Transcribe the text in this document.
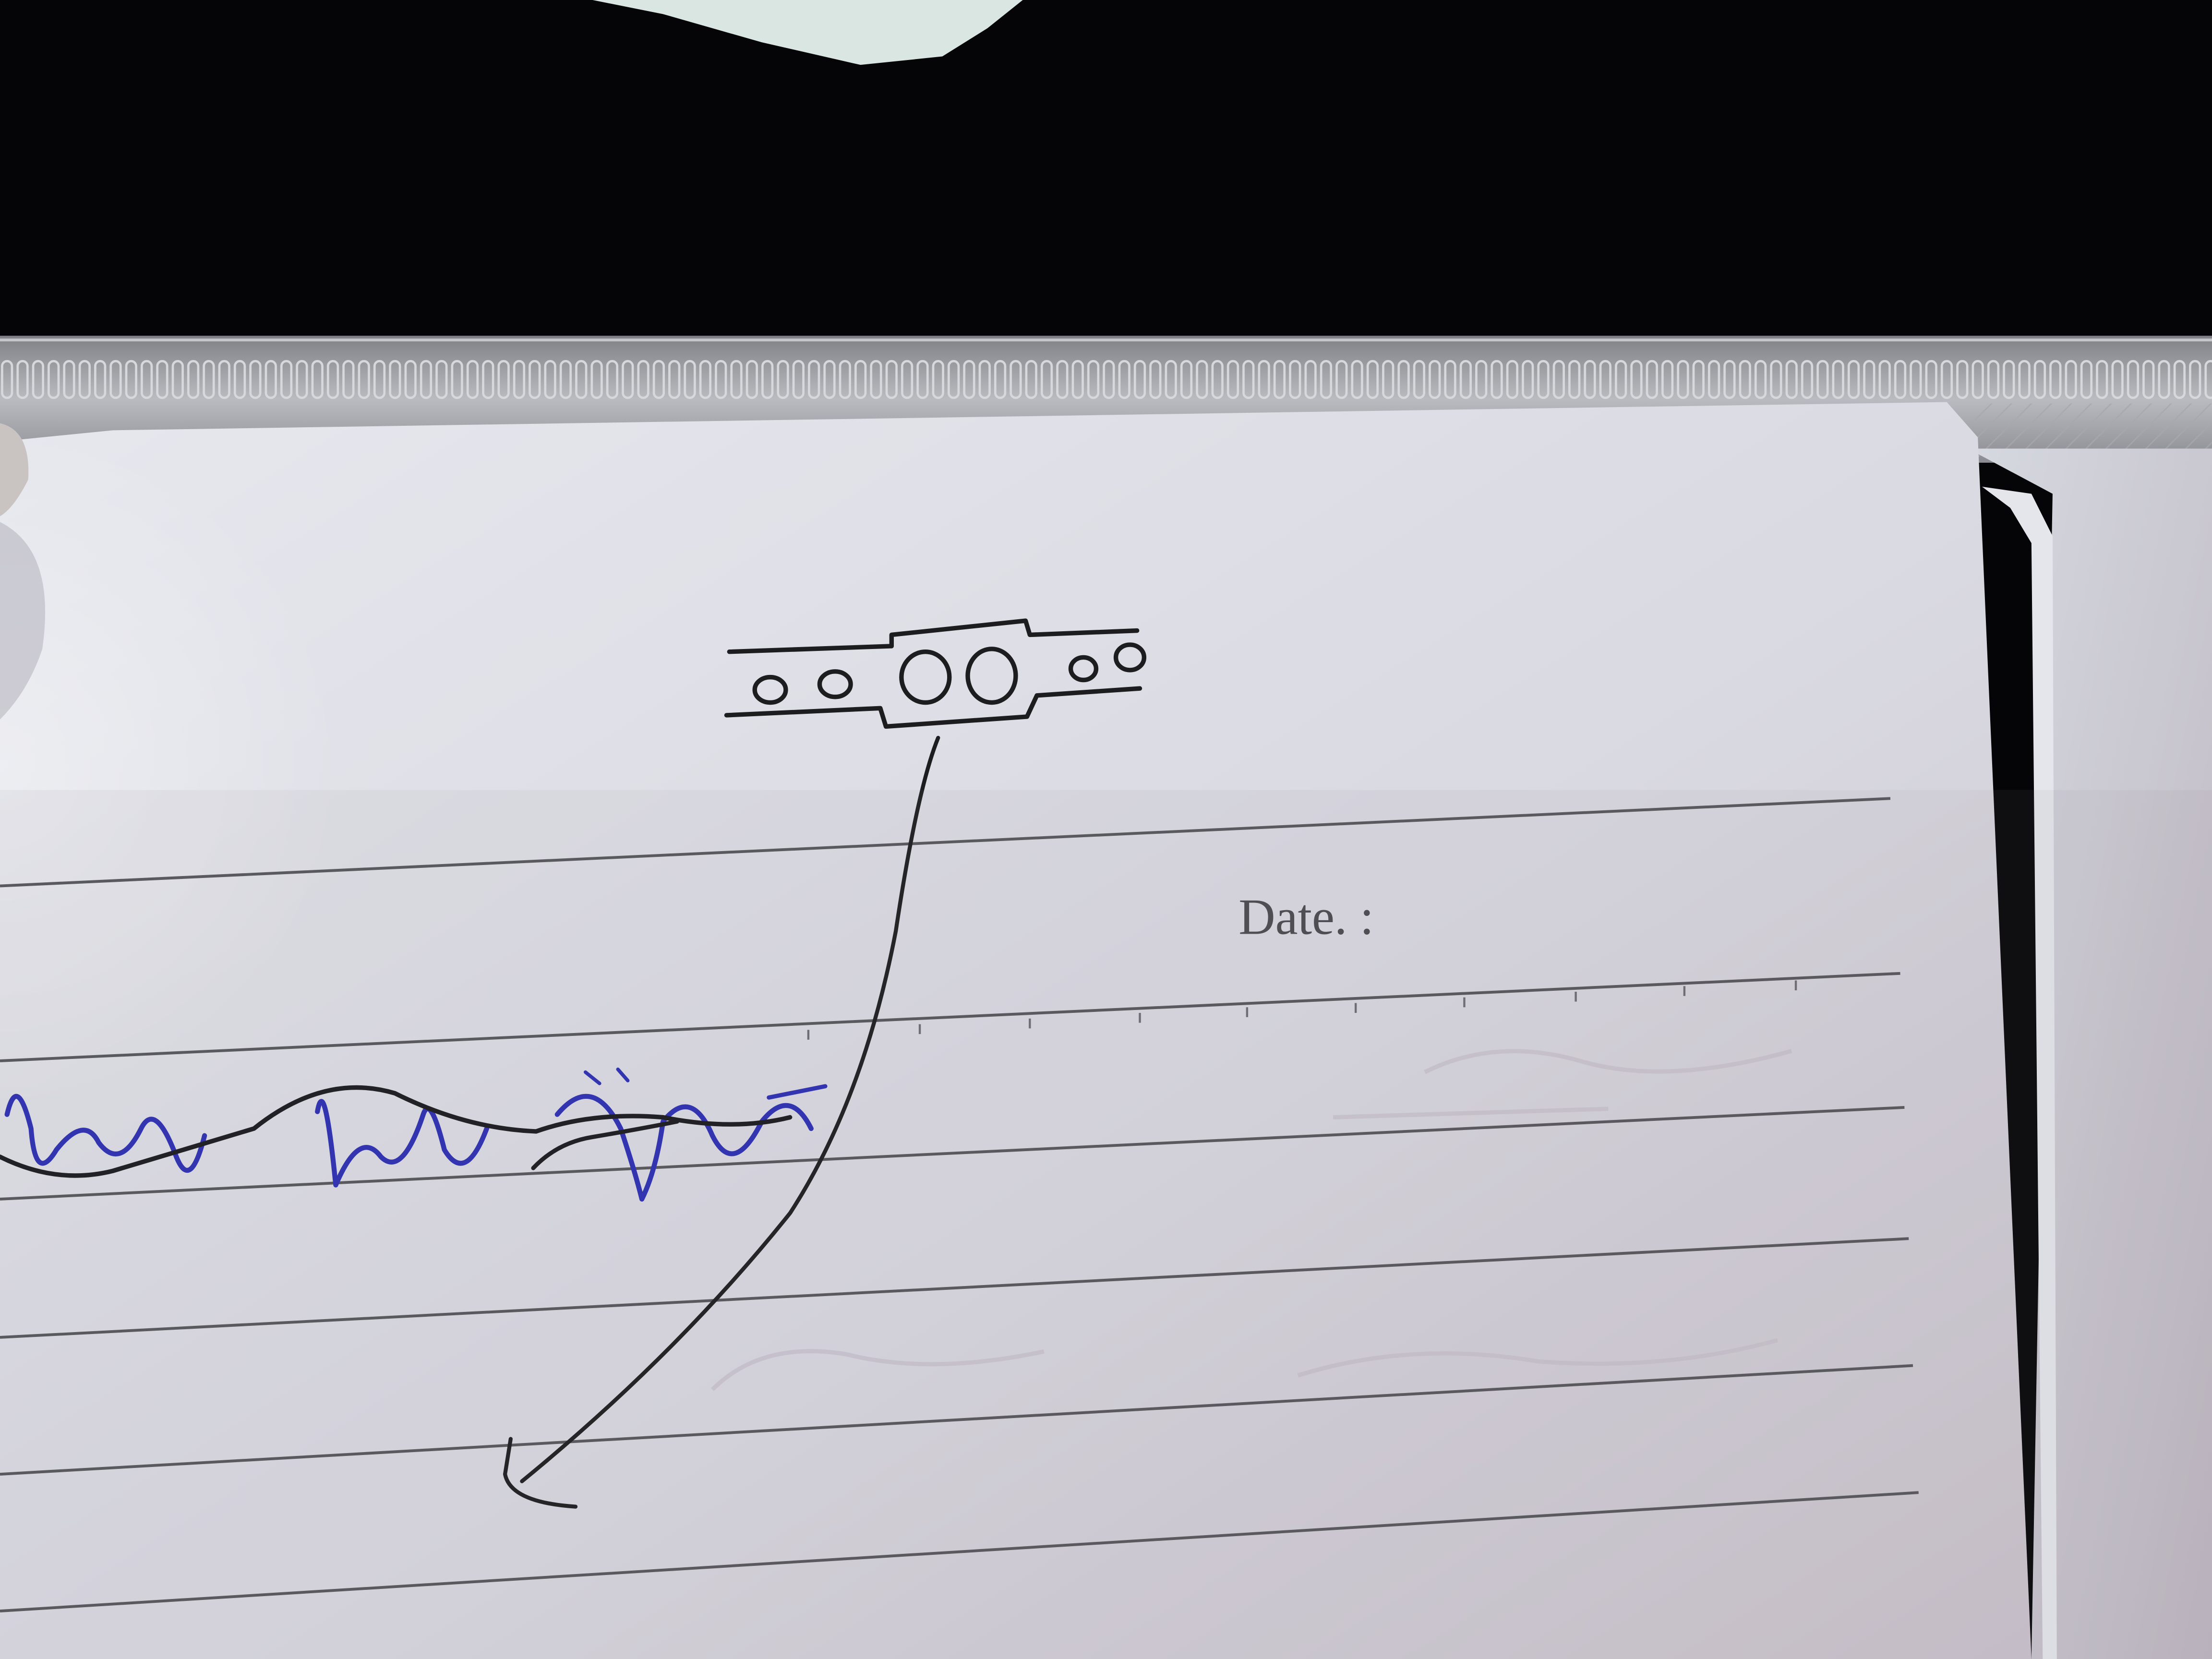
Date. :
